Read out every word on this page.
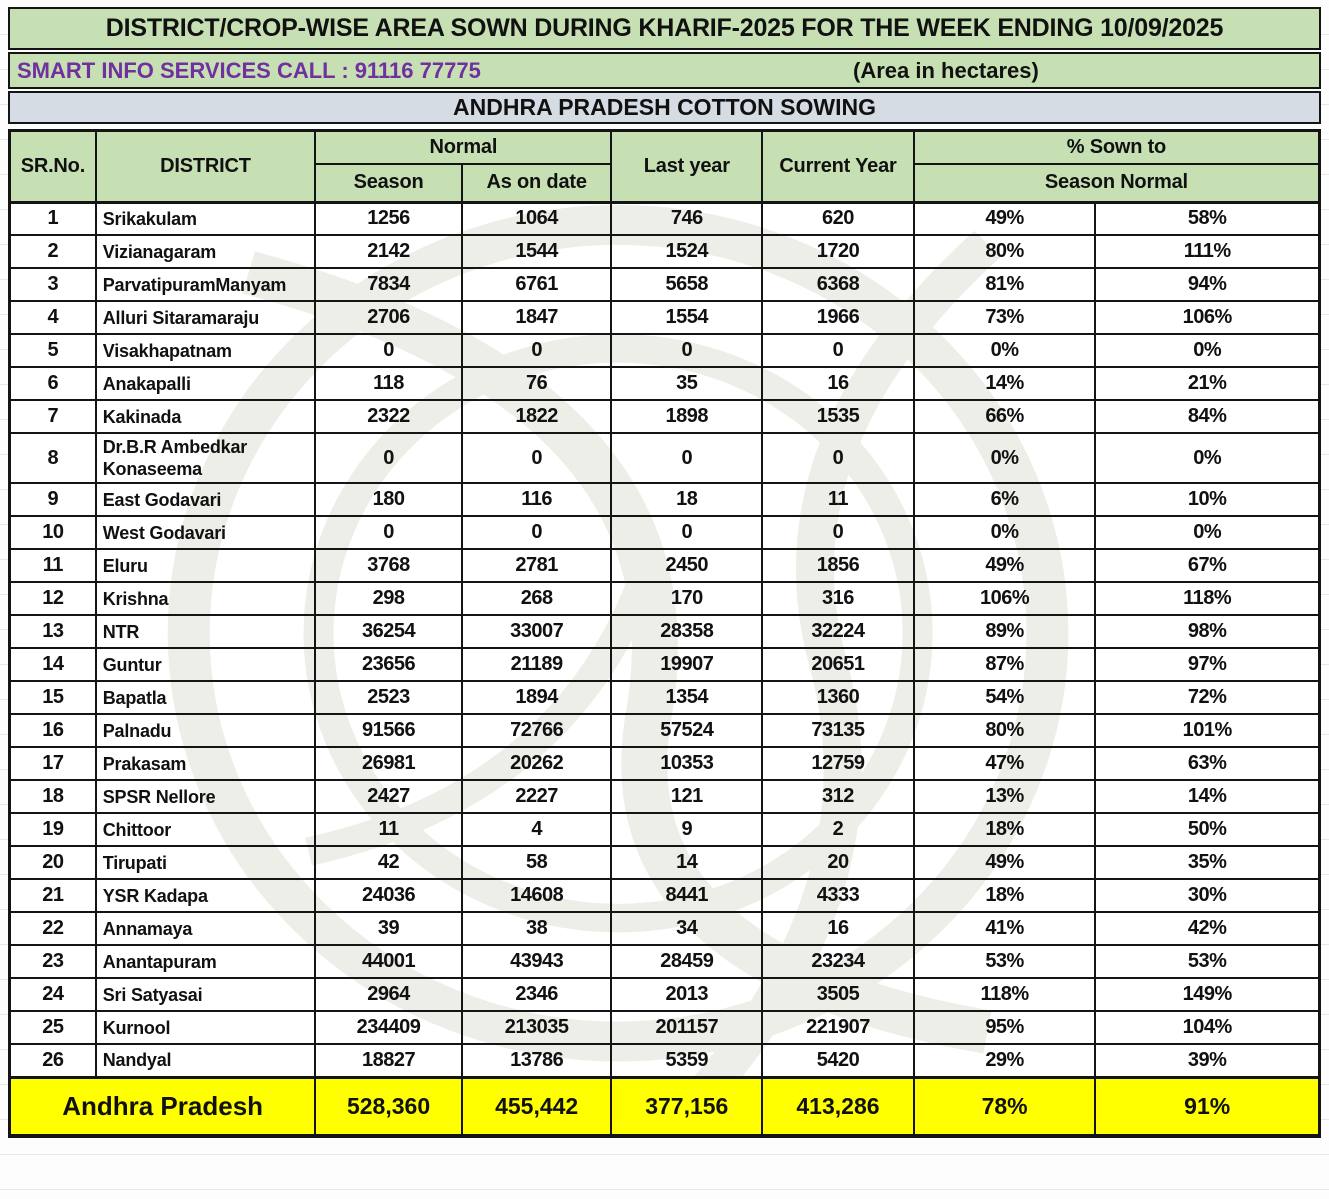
DISTRICT/CROP-WISE AREA SOWN DURING KHARIF-2025 FOR THE WEEK ENDING 10/09/2025
SMART INFO SERVICES CALL : 91116 77775	(Area in hectares)
ANDHRA PRADESH COTTON SOWING
SR.No.	DISTRICT	Normal		Last year	Current Year	% Sown to	
		Season	As on date			Season Normal	
1	Srikakulam	1256	1064	746	620	49%	58%
2	Vizianagaram	2142	1544	1524	1720	80%	111%
3	ParvatipuramManyam	7834	6761	5658	6368	81%	94%
4	Alluri Sitaramaraju	2706	1847	1554	1966	73%	106%
5	Visakhapatnam	0	0	0	0	0%	0%
6	Anakapalli	118	76	35	16	14%	21%
7	Kakinada	2322	1822	1898	1535	66%	84%
8	Dr.B.R Ambedkar Konaseema	0	0	0	0	0%	0%
9	East Godavari	180	116	18	11	6%	10%
10	West Godavari	0	0	0	0	0%	0%
11	Eluru	3768	2781	2450	1856	49%	67%
12	Krishna	298	268	170	316	106%	118%
13	NTR	36254	33007	28358	32224	89%	98%
14	Guntur	23656	21189	19907	20651	87%	97%
15	Bapatla	2523	1894	1354	1360	54%	72%
16	Palnadu	91566	72766	57524	73135	80%	101%
17	Prakasam	26981	20262	10353	12759	47%	63%
18	SPSR Nellore	2427	2227	121	312	13%	14%
19	Chittoor	11	4	9	2	18%	50%
20	Tirupati	42	58	14	20	49%	35%
21	YSR Kadapa	24036	14608	8441	4333	18%	30%
22	Annamaya	39	38	34	16	41%	42%
23	Anantapuram	44001	43943	28459	23234	53%	53%
24	Sri Satyasai	2964	2346	2013	3505	118%	149%
25	Kurnool	234409	213035	201157	221907	95%	104%
26	Nandyal	18827	13786	5359	5420	29%	39%
Andhra Pradesh		528,360	455,442	377,156	413,286	78%	91%
